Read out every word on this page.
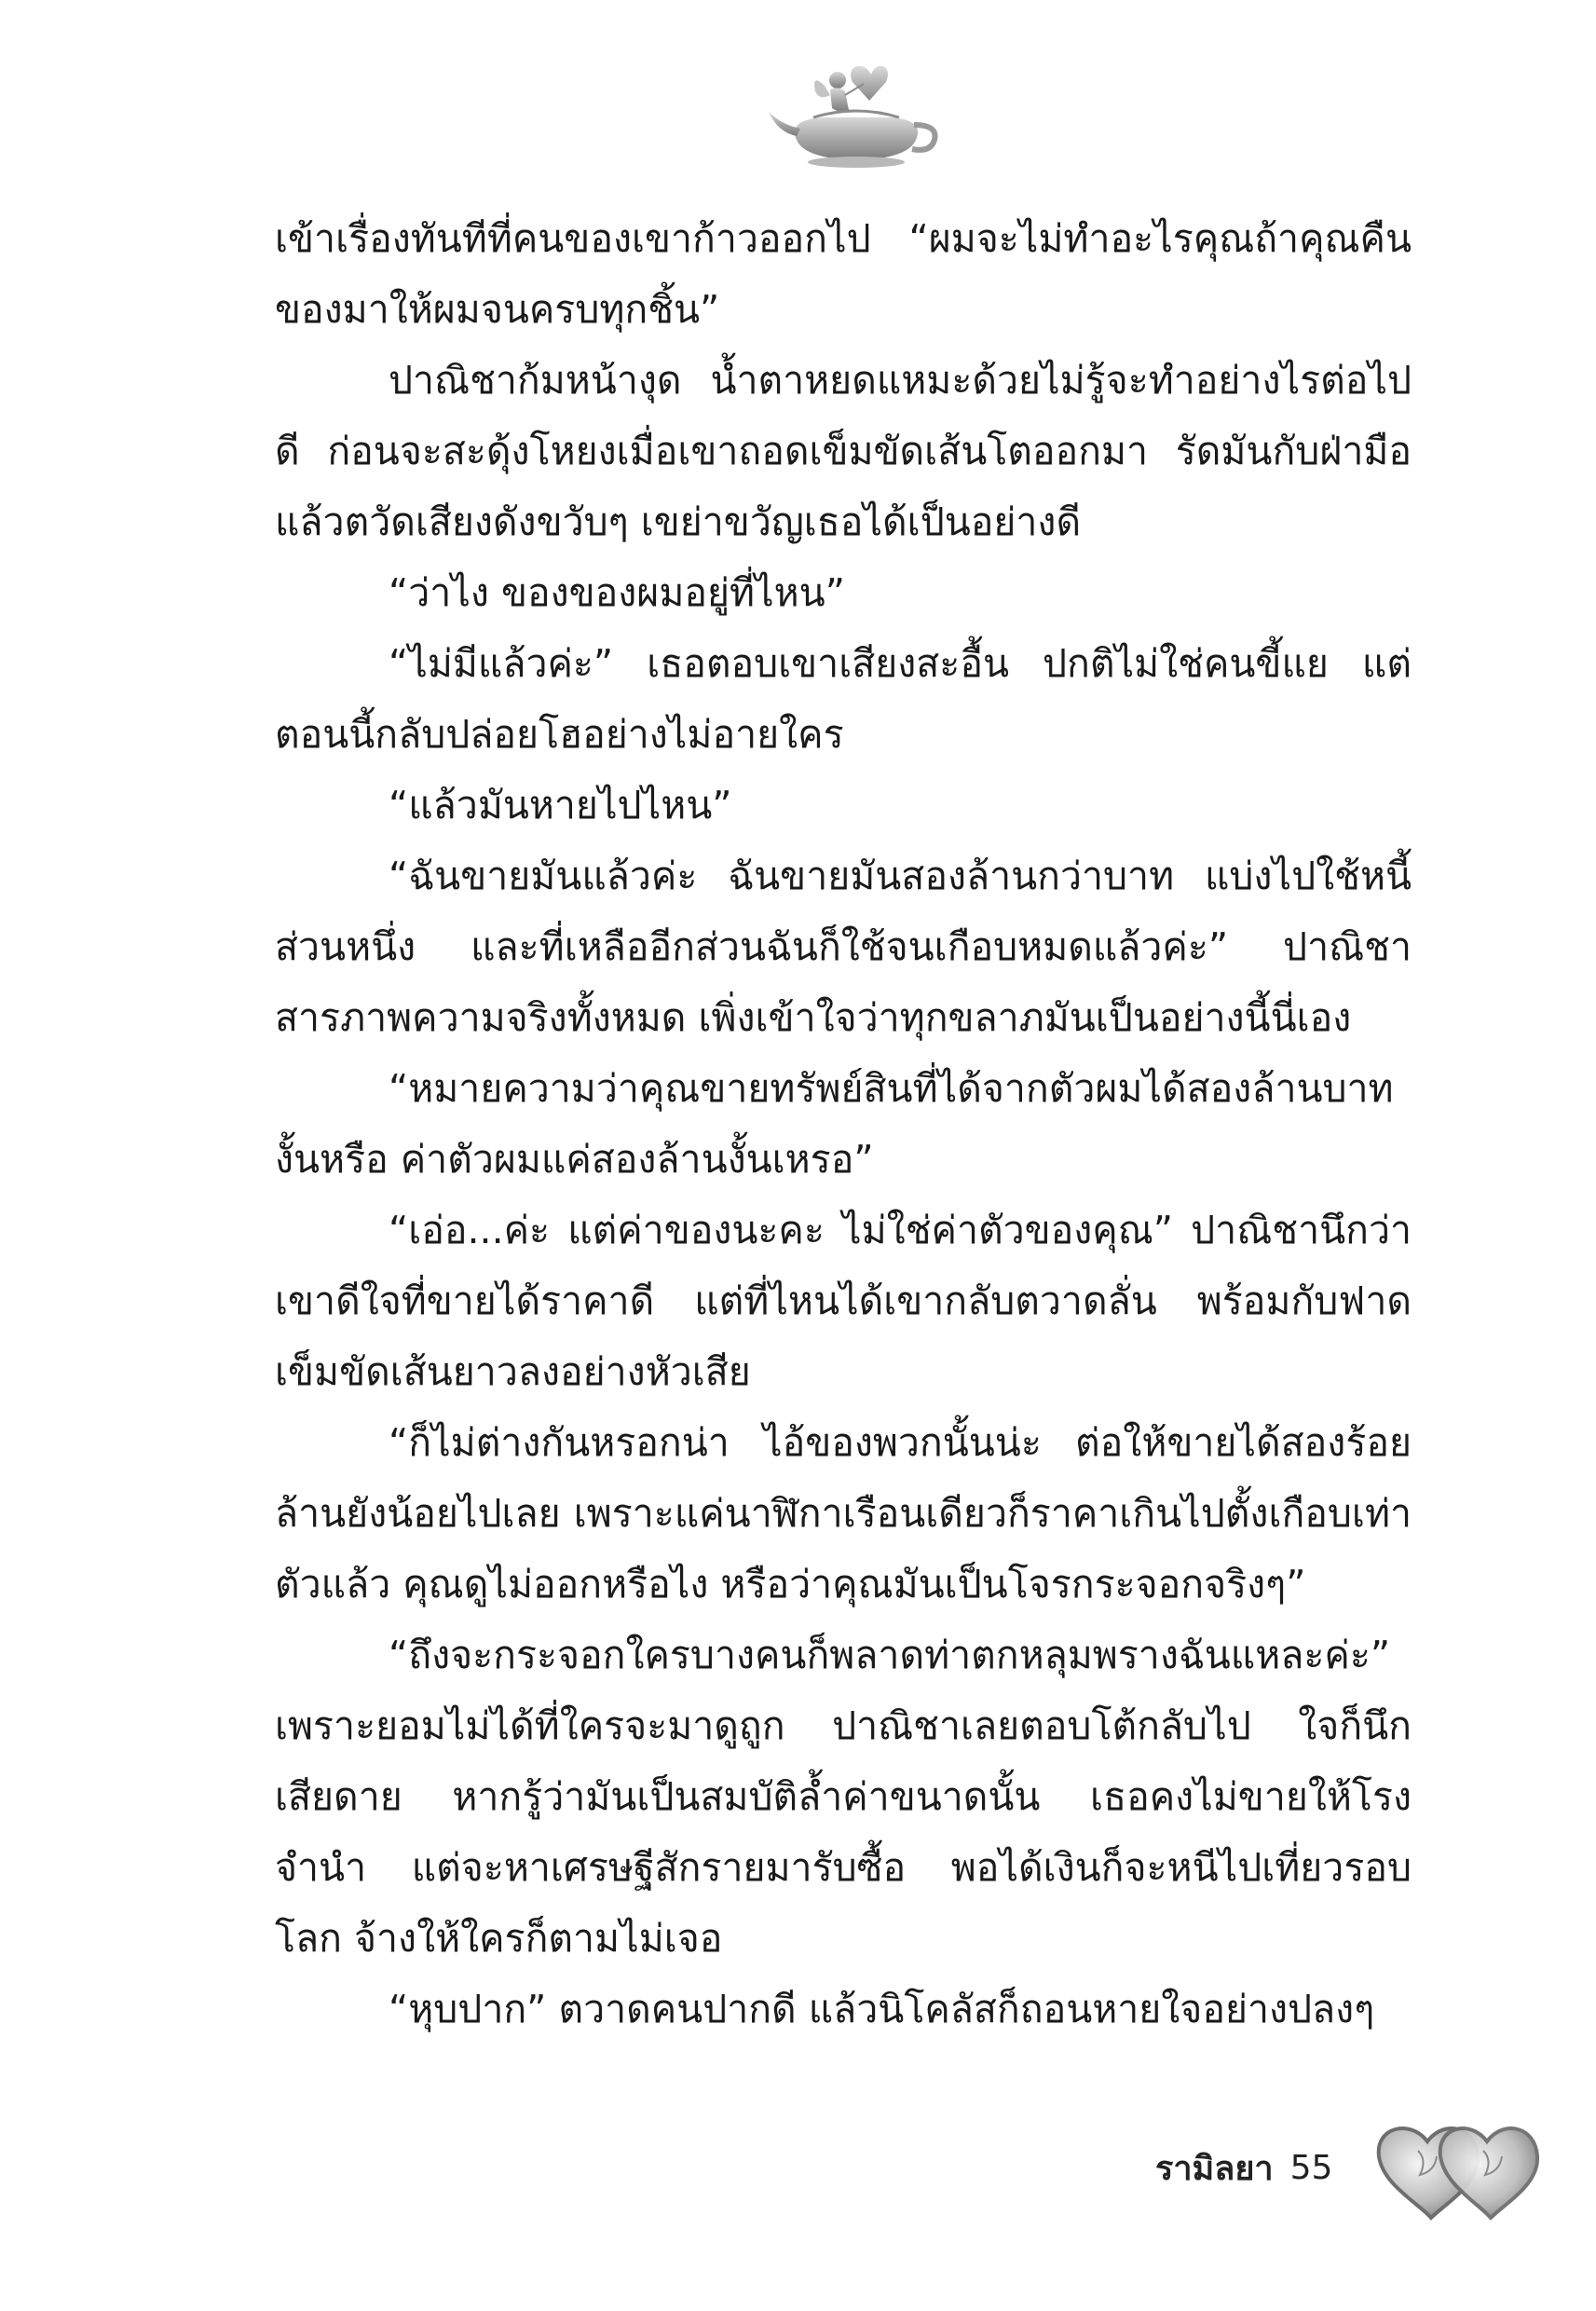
เข้าเรื่องทันทีที่คนของเขาก้าวออกไป “ผมจะไม่ทำอะไรคุณถ้าคุณคืนของมาให้ผมจนครบทุกชิ้น”

ปาณิชาก้มหน้างุด น้ำตาหยดแหมะด้วยไม่รู้จะทำอย่างไรต่อไปดี ก่อนจะสะดุ้งโหยงเมื่อเขาถอดเข็มขัดเส้นโตออกมา รัดมันกับฝ่ามือ แล้วตวัดเสียงดังขวับๆ เขย่าขวัญเธอได้เป็นอย่างดี

“ว่าไง ของของผมอยู่ที่ไหน”

“ไม่มีแล้วค่ะ” เธอตอบเขาเสียงสะอื้น ปกติไม่ใช่คนขี้แย แต่ตอนนี้กลับปล่อยโฮอย่างไม่อายใคร

“แล้วมันหายไปไหน”

“ฉันขายมันแล้วค่ะ ฉันขายมันสองล้านกว่าบาท แบ่งไปใช้หนี้ส่วนหนึ่ง และที่เหลืออีกส่วนฉันก็ใช้จนเกือบหมดแล้วค่ะ” ปาณิชาสารภาพความจริงทั้งหมด เพิ่งเข้าใจว่าทุกขลาภมันเป็นอย่างนี้นี่เอง

“หมายความว่าคุณขายทรัพย์สินที่ได้จากตัวผมได้สองล้านบาทงั้นหรือ ค่าตัวผมแค่สองล้านงั้นเหรอ”

“เอ่อ...ค่ะ แต่ค่าของนะคะ ไม่ใช่ค่าตัวของคุณ” ปาณิชานึกว่าเขาดีใจที่ขายได้ราคาดี แต่ที่ไหนได้เขากลับตวาดลั่น พร้อมกับฟาดเข็มขัดเส้นยาวลงอย่างหัวเสีย

“ก็ไม่ต่างกันหรอกน่า ไอ้ของพวกนั้นน่ะ ต่อให้ขายได้สองร้อยล้านยังน้อยไปเลย เพราะแค่นาฬิกาเรือนเดียวก็ราคาเกินไปตั้งเกือบเท่าตัวแล้ว คุณดูไม่ออกหรือไง หรือว่าคุณมันเป็นโจรกระจอกจริงๆ”

“ถึงจะกระจอกใครบางคนก็พลาดท่าตกหลุมพรางฉันแหละค่ะ” เพราะยอมไม่ได้ที่ใครจะมาดูถูก ปาณิชาเลยตอบโต้กลับไป ใจก็นึกเสียดาย หากรู้ว่ามันเป็นสมบัติล้ำค่าขนาดนั้น เธอคงไม่ขายให้โรงจำนำ แต่จะหาเศรษฐีสักรายมารับซื้อ พอได้เงินก็จะหนีไปเที่ยวรอบโลก จ้างให้ใครก็ตามไม่เจอ

“หุบปาก” ตวาดคนปากดี แล้วนิโคลัสก็ถอนหายใจอย่างปลงๆ

รามิลยา 55
